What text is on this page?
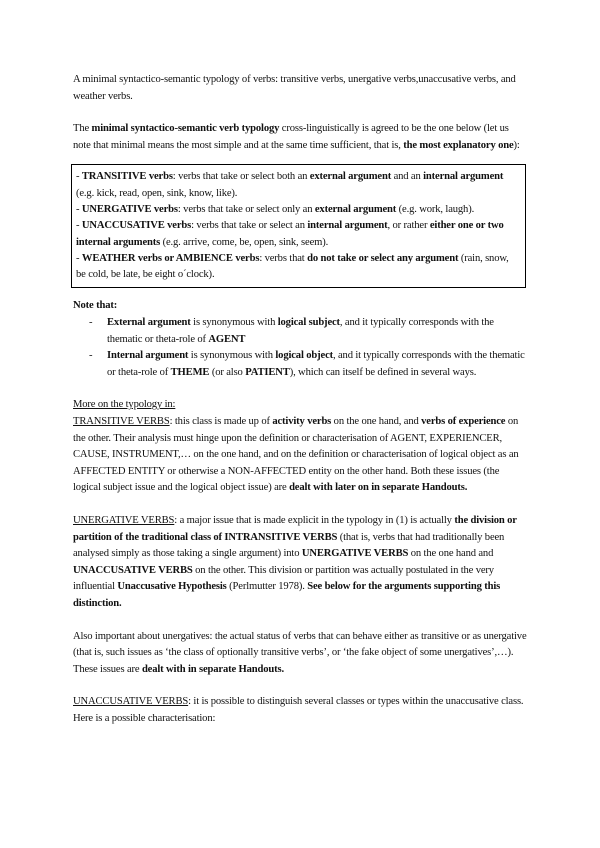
A minimal syntactico-semantic typology of verbs: transitive verbs, unergative verbs,unaccusative verbs, and weather verbs.

The minimal syntactico-semantic verb typology cross-linguistically is agreed to be the one below (let us note that minimal means the most simple and at the same time sufficient, that is, the most explanatory one):

- TRANSITIVE verbs: verbs that take or select both an external argument and an internal argument (e.g. kick, read, open, sink, know, like).

- UNERGATIVE verbs: verbs that take or select only an external argument (e.g. work, laugh).

- UNACCUSATIVE verbs: verbs that take or select an internal argument, or rather either one or two internal arguments (e.g. arrive, come, be, open, sink, seem).

- WEATHER verbs or AMBIENCE verbs: verbs that do not take or select any argument (rain, snow, be cold, be late, be eight o´clock).

Note that:

- External argument is synonymous with logical subject, and it typically corresponds with the thematic or theta-role of AGENT
- Internal argument is synonymous with logical object, and it typically corresponds with the thematic or theta-role of THEME (or also PATIENT), which can itself be defined in several ways.

More on the typology in:

TRANSITIVE VERBS: this class is made up of activity verbs on the one hand, and verbs of experience on the other. Their analysis must hinge upon the definition or characterisation of AGENT, EXPERIENCER, CAUSE, INSTRUMENT,… on the one hand, and on the definition or characterisation of logical object as an AFFECTED ENTITY or otherwise a NON-AFFECTED entity on the other hand. Both these issues (the logical subject issue and the logical object issue) are dealt with later on in separate Handouts.

UNERGATIVE VERBS: a major issue that is made explicit in the typology in (1) is actually the division or partition of the traditional class of INTRANSITIVE VERBS (that is, verbs that had traditionally been analysed simply as those taking a single argument) into UNERGATIVE VERBS on the one hand and UNACCUSATIVE VERBS on the other. This division or partition was actually postulated in the very influential Unaccusative Hypothesis (Perlmutter 1978). See below for the arguments supporting this distinction.

Also important about unergatives: the actual status of verbs that can behave either as transitive or as unergative (that is, such issues as ‘the class of optionally transitive verbs’, or ‘the fake object of some unergatives’,…). These issues are dealt with in separate Handouts.

UNACCUSATIVE VERBS: it is possible to distinguish several classes or types within the unaccusative class. Here is a possible characterisation:
